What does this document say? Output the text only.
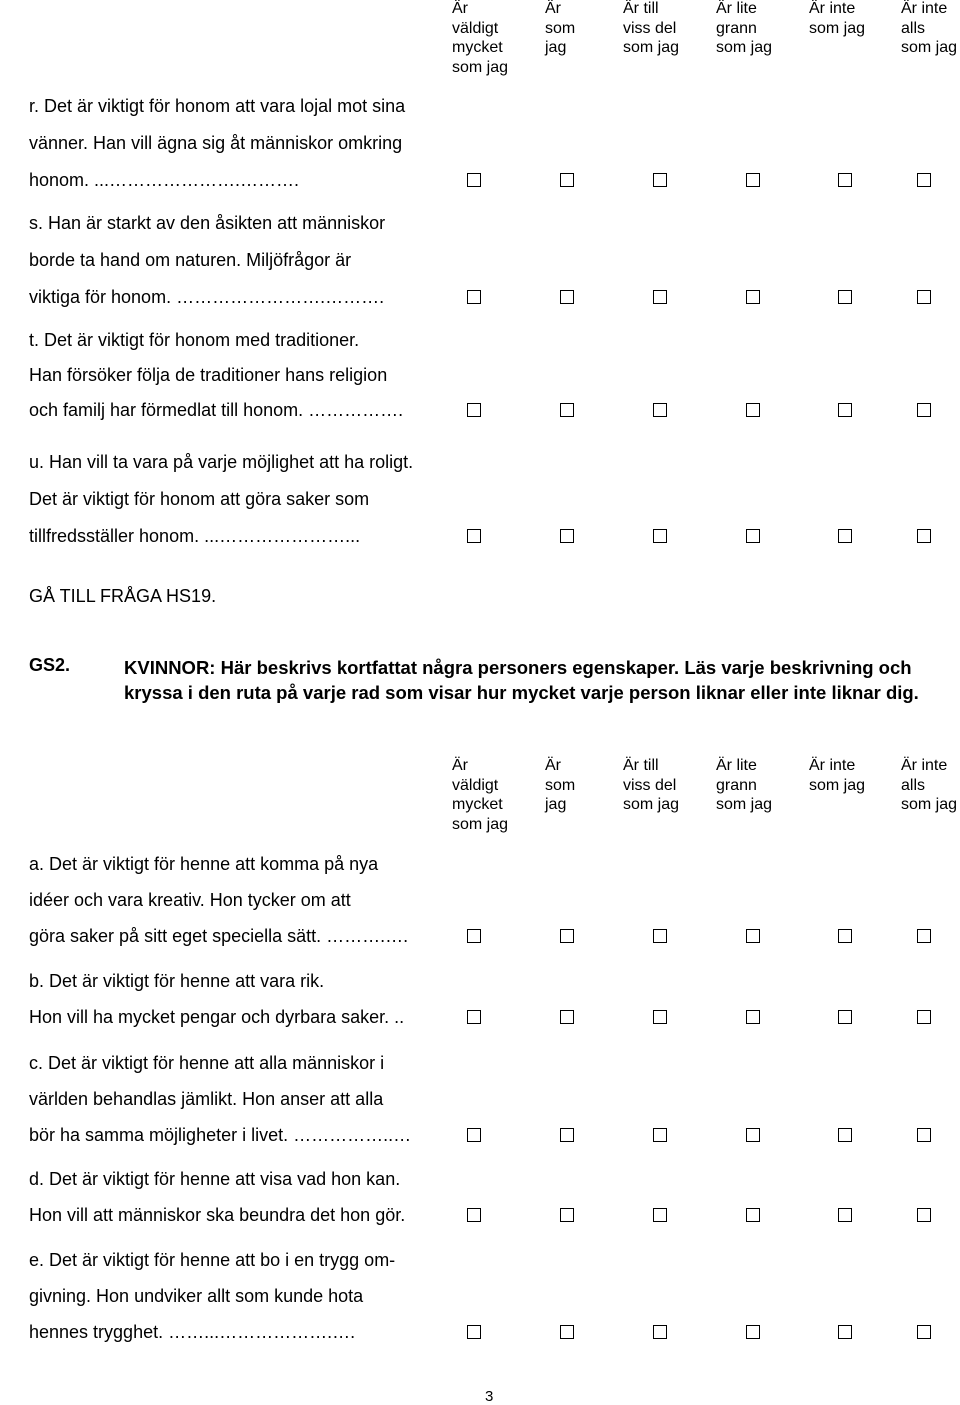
Är
väldigt
mycket
som jag
Är
som
jag
Är till
viss del
som jag
Är lite
grann
som jag
Är inte
som jag
Är inte
alls
som jag
r. Det är viktigt för honom att vara lojal mot sina
vänner. Han vill ägna sig åt människor omkring
honom. ...………………….……….
s. Han är starkt av den åsikten att människor
borde ta hand om naturen. Miljöfrågor är
viktiga för honom. …………………….……….
t. Det är viktigt för honom med traditioner.
Han försöker följa de traditioner hans religion
och familj har förmedlat till honom. …………….
u. Han vill ta vara på varje möjlighet att ha roligt.
Det är viktigt för honom att göra saker som
tillfredsställer honom. ...…………………...
GÅ TILL FRÅGA HS19.
GS2.	KVINNOR: Här beskrivs kortfattat några personers egenskaper. Läs varje beskrivning och kryssa i den ruta på varje rad som visar hur mycket varje person liknar eller inte liknar dig.
Är
väldigt
mycket
som jag
Är
som
jag
Är till
viss del
som jag
Är lite
grann
som jag
Är inte
som jag
Är inte
alls
som jag
a. Det är viktigt för henne att komma på nya
idéer och vara kreativ. Hon tycker om att
göra saker på sitt eget speciella sätt. ……….….
b. Det är viktigt för henne att vara rik.
Hon vill ha mycket pengar och dyrbara saker. ..
c. Det är viktigt för henne att alla människor i
världen behandlas jämlikt. Hon anser att alla
bör ha samma möjligheter i livet. ……………..…
d. Det är viktigt för henne att visa vad hon kan.
Hon vill att människor ska beundra det hon gör.
e. Det är viktigt för henne att bo i en trygg om-
givning. Hon undviker allt som kunde hota
hennes trygghet. ……...……………….….
3
